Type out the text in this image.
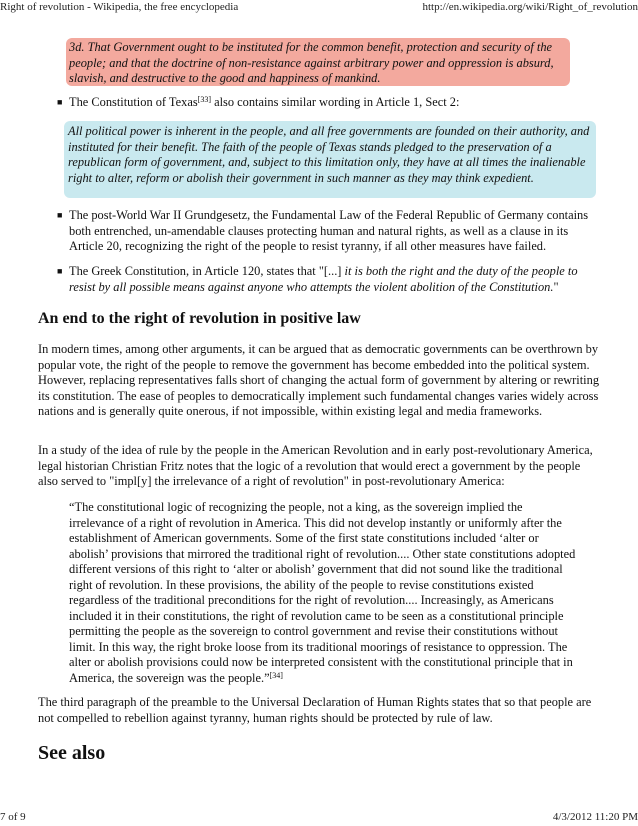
Right of revolution - Wikipedia, the free encyclopedia	http://en.wikipedia.org/wiki/Right_of_revolution

3d. That Government ought to be instituted for the common benefit, protection and security of the people; and that the doctrine of non-resistance against arbitrary power and oppression is absurd, slavish, and destructive to the good and happiness of mankind.

■ The Constitution of Texas[33] also contains similar wording in Article 1, Sect 2:

All political power is inherent in the people, and all free governments are founded on their authority, and instituted for their benefit. The faith of the people of Texas stands pledged to the preservation of a republican form of government, and, subject to this limitation only, they have at all times the inalienable right to alter, reform or abolish their government in such manner as they may think expedient.

■ The post-World War II Grundgesetz, the Fundamental Law of the Federal Republic of Germany contains both entrenched, un-amendable clauses protecting human and natural rights, as well as a clause in its Article 20, recognizing the right of the people to resist tyranny, if all other measures have failed.

■ The Greek Constitution, in Article 120, states that "[...] it is both the right and the duty of the people to resist by all possible means against anyone who attempts the violent abolition of the Constitution."

An end to the right of revolution in positive law

In modern times, among other arguments, it can be argued that as democratic governments can be overthrown by popular vote, the right of the people to remove the government has become embedded into the political system. However, replacing representatives falls short of changing the actual form of government by altering or rewriting its constitution. The ease of peoples to democratically implement such fundamental changes varies widely across nations and is generally quite onerous, if not impossible, within existing legal and media frameworks.

In a study of the idea of rule by the people in the American Revolution and in early post-revolutionary America, legal historian Christian Fritz notes that the logic of a revolution that would erect a government by the people also served to "impl[y] the irrelevance of a right of revolution" in post-revolutionary America:

“The constitutional logic of recognizing the people, not a king, as the sovereign implied the irrelevance of a right of revolution in America. This did not develop instantly or uniformly after the establishment of American governments. Some of the first state constitutions included ‘alter or abolish’ provisions that mirrored the traditional right of revolution.... Other state constitutions adopted different versions of this right to ‘alter or abolish’ government that did not sound like the traditional right of revolution. In these provisions, the ability of the people to revise constitutions existed regardless of the traditional preconditions for the right of revolution.... Increasingly, as Americans included it in their constitutions, the right of revolution came to be seen as a constitutional principle permitting the people as the sovereign to control government and revise their constitutions without limit. In this way, the right broke loose from its traditional moorings of resistance to oppression. The alter or abolish provisions could now be interpreted consistent with the constitutional principle that in America, the sovereign was the people.”[34]

The third paragraph of the preamble to the Universal Declaration of Human Rights states that so that people are not compelled to rebellion against tyranny, human rights should be protected by rule of law.

See also
7 of 9	4/3/2012 11:20 PM
